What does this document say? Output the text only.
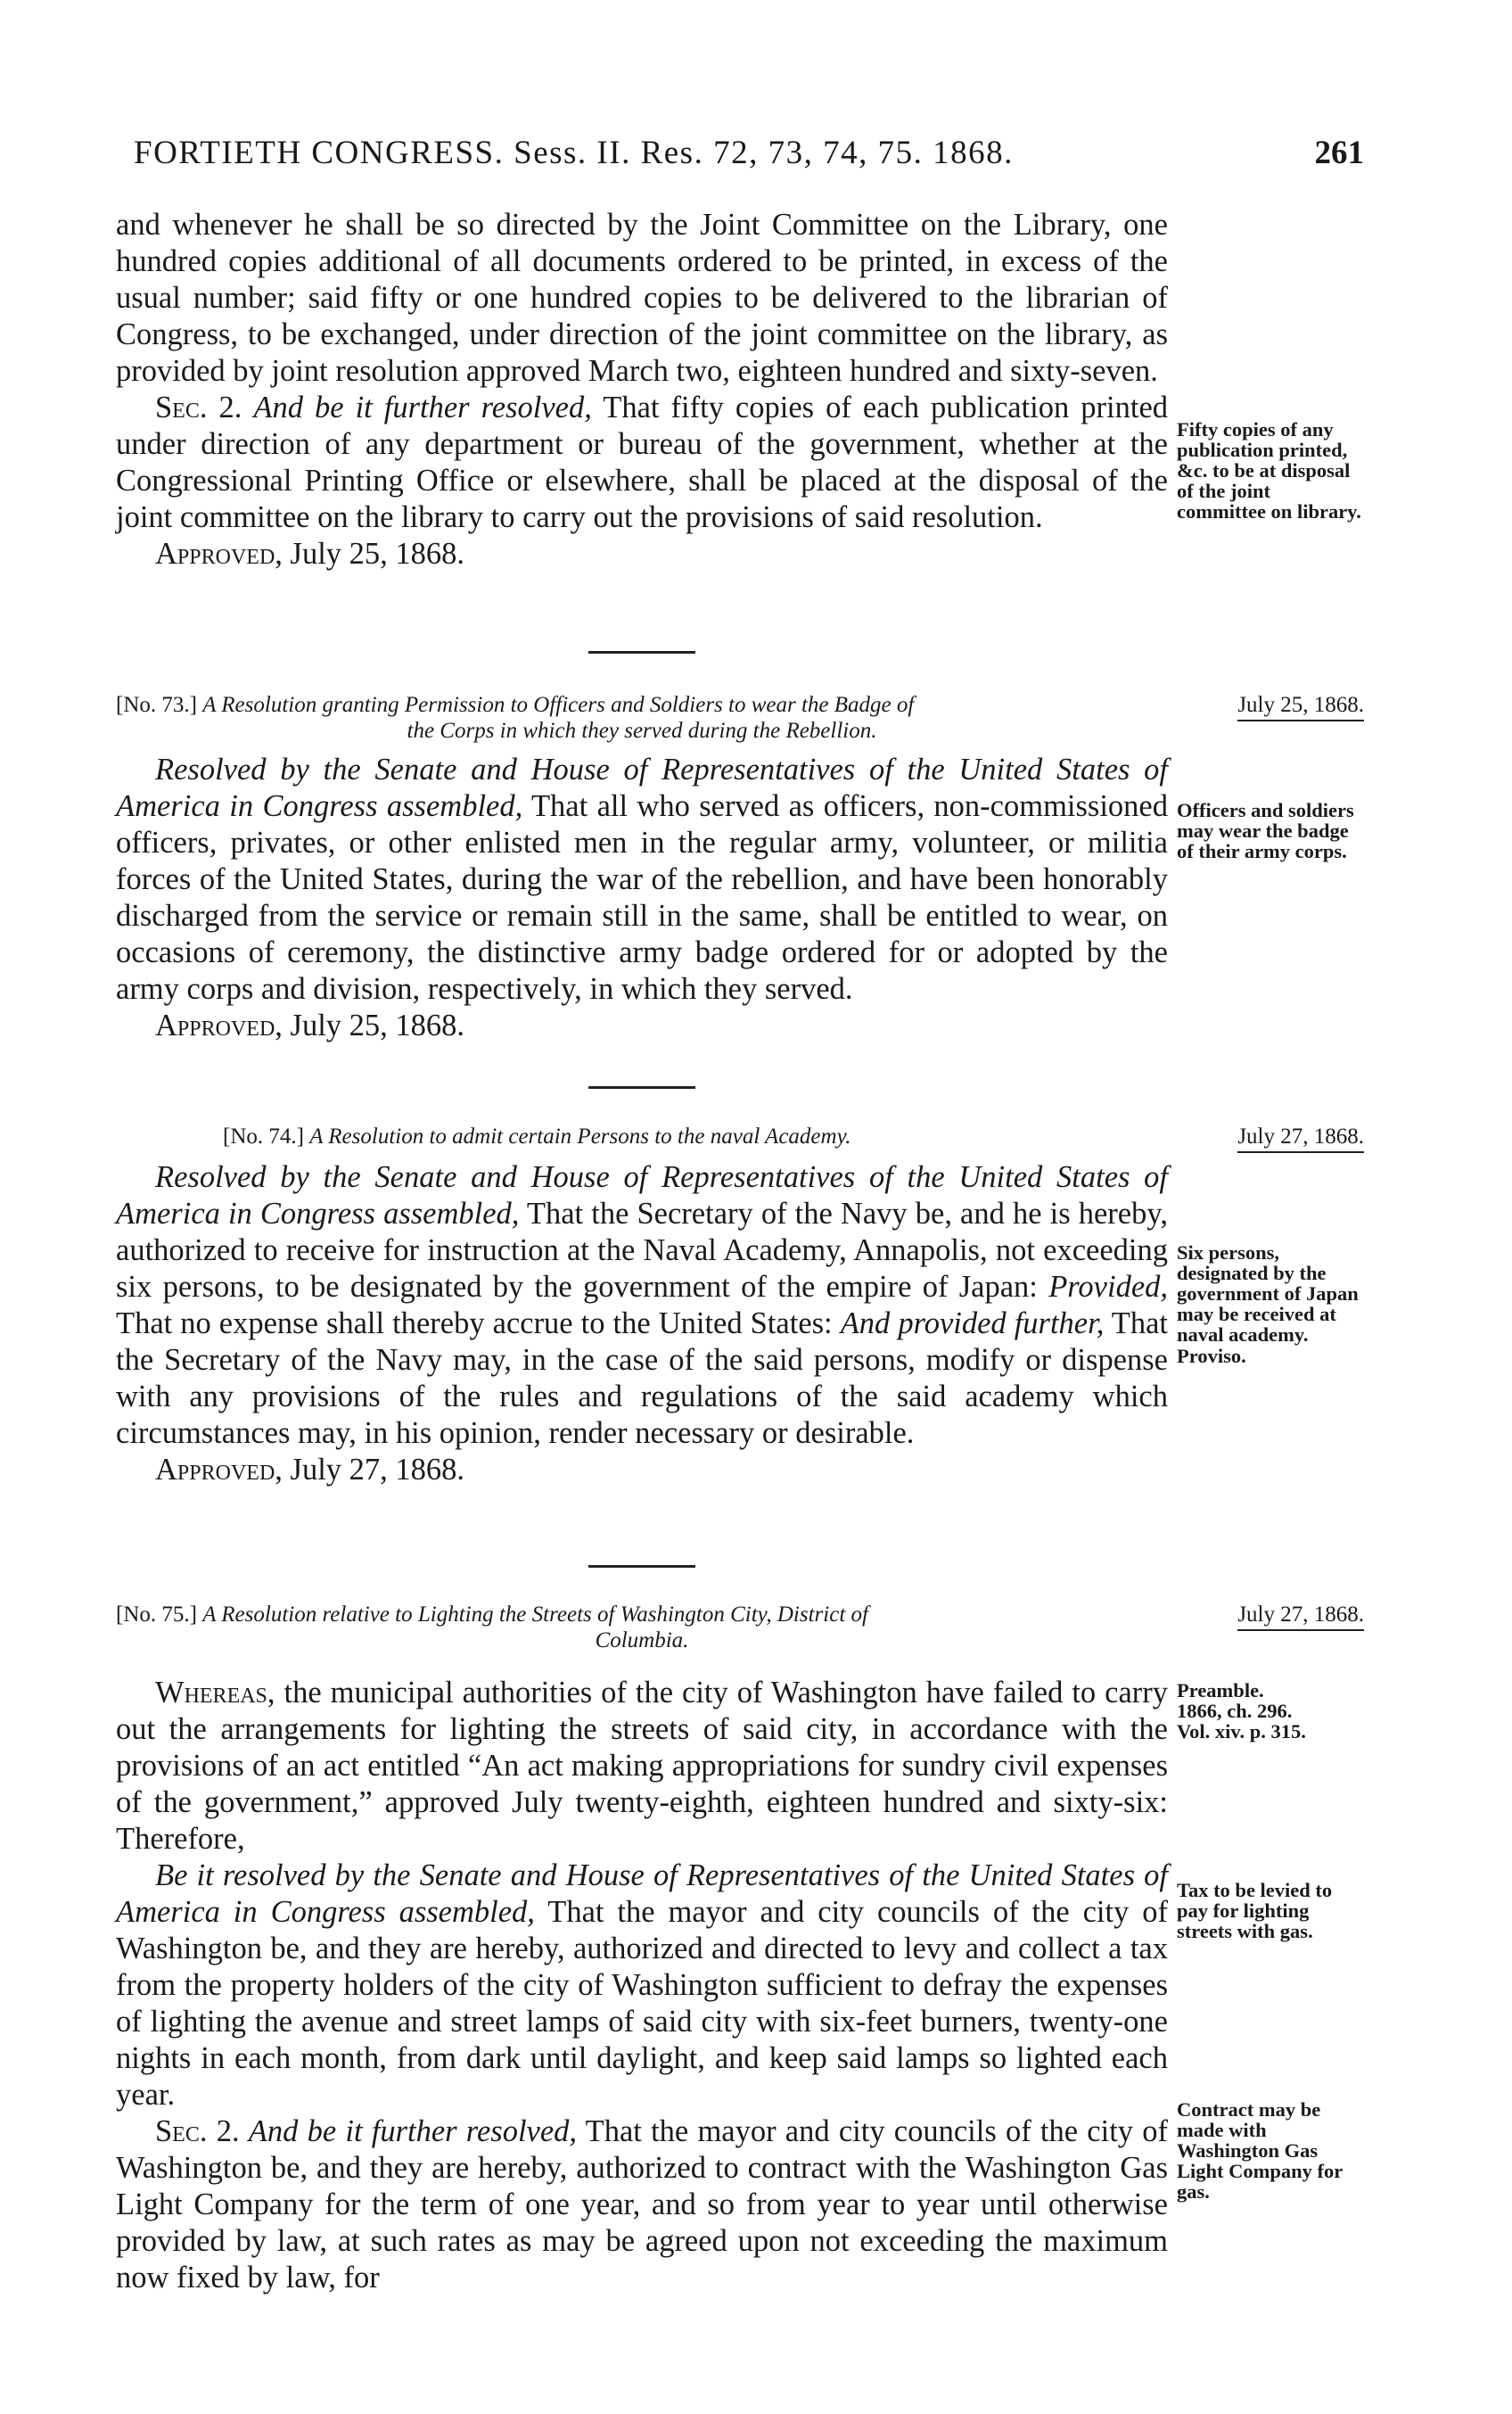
FORTIETH CONGRESS. Sess. II. Res. 72, 73, 74, 75. 1868.	261

and whenever he shall be so directed by the Joint Committee on the Library, one hundred copies additional of all documents ordered to be printed, in excess of the usual number; said fifty or one hundred copies to be delivered to the librarian of Congress, to be exchanged, under direction of the joint committee on the library, as provided by joint resolution approved March two, eighteen hundred and sixty-seven.

Sec. 2. And be it further resolved, That fifty copies of each publication printed under direction of any department or bureau of the government, whether at the Congressional Printing Office or elsewhere, shall be placed at the disposal of the joint committee on the library to carry out the provisions of said resolution.

Approved, July 25, 1868.

Fifty copies of any publication printed, &c. to be at disposal of the joint committee on library.
[No. 73.] A Resolution granting Permission to Officers and Soldiers to wear the Badge of
the Corps in which they served during the Rebellion.
July 25, 1868.

Resolved by the Senate and House of Representatives of the United States of America in Congress assembled, That all who served as officers, non-commissioned officers, privates, or other enlisted men in the regular army, volunteer, or militia forces of the United States, during the war of the rebellion, and have been honorably discharged from the service or remain still in the same, shall be entitled to wear, on occasions of ceremony, the distinctive army badge ordered for or adopted by the army corps and division, respectively, in which they served.

Approved, July 25, 1868.

Officers and soldiers may wear the badge of their army corps.
[No. 74.] A Resolution to admit certain Persons to the naval Academy.	July 27, 1868.

Resolved by the Senate and House of Representatives of the United States of America in Congress assembled, That the Secretary of the Navy be, and he is hereby, authorized to receive for instruction at the Naval Academy, Annapolis, not exceeding six persons, to be designated by the government of the empire of Japan: Provided, That no expense shall thereby accrue to the United States: And provided further, That the Secretary of the Navy may, in the case of the said persons, modify or dispense with any provisions of the rules and regulations of the said academy which circumstances may, in his opinion, render necessary or desirable.

Approved, July 27, 1868.

Six persons, designated by the government of Japan may be received at naval academy.
Proviso.
[No. 75.] A Resolution relative to Lighting the Streets of Washington City, District of
Columbia.
July 27, 1868.

Whereas, the municipal authorities of the city of Washington have failed to carry out the arrangements for lighting the streets of said city, in accordance with the provisions of an act entitled “An act making appropriations for sundry civil expenses of the government,” approved July twenty-eighth, eighteen hundred and sixty-six: Therefore,

Be it resolved by the Senate and House of Representatives of the United States of America in Congress assembled, That the mayor and city councils of the city of Washington be, and they are hereby, authorized and directed to levy and collect a tax from the property holders of the city of Washington sufficient to defray the expenses of lighting the avenue and street lamps of said city with six-feet burners, twenty-one nights in each month, from dark until daylight, and keep said lamps so lighted each year.

Sec. 2. And be it further resolved, That the mayor and city councils of the city of Washington be, and they are hereby, authorized to contract with the Washington Gas Light Company for the term of one year, and so from year to year until otherwise provided by law, at such rates as may be agreed upon not exceeding the maximum now fixed by law, for

Preamble.
1866, ch. 296.
Vol. xiv. p. 315.
Tax to be levied to pay for lighting streets with gas.
Contract may be made with Washington Gas Light Company for gas.
